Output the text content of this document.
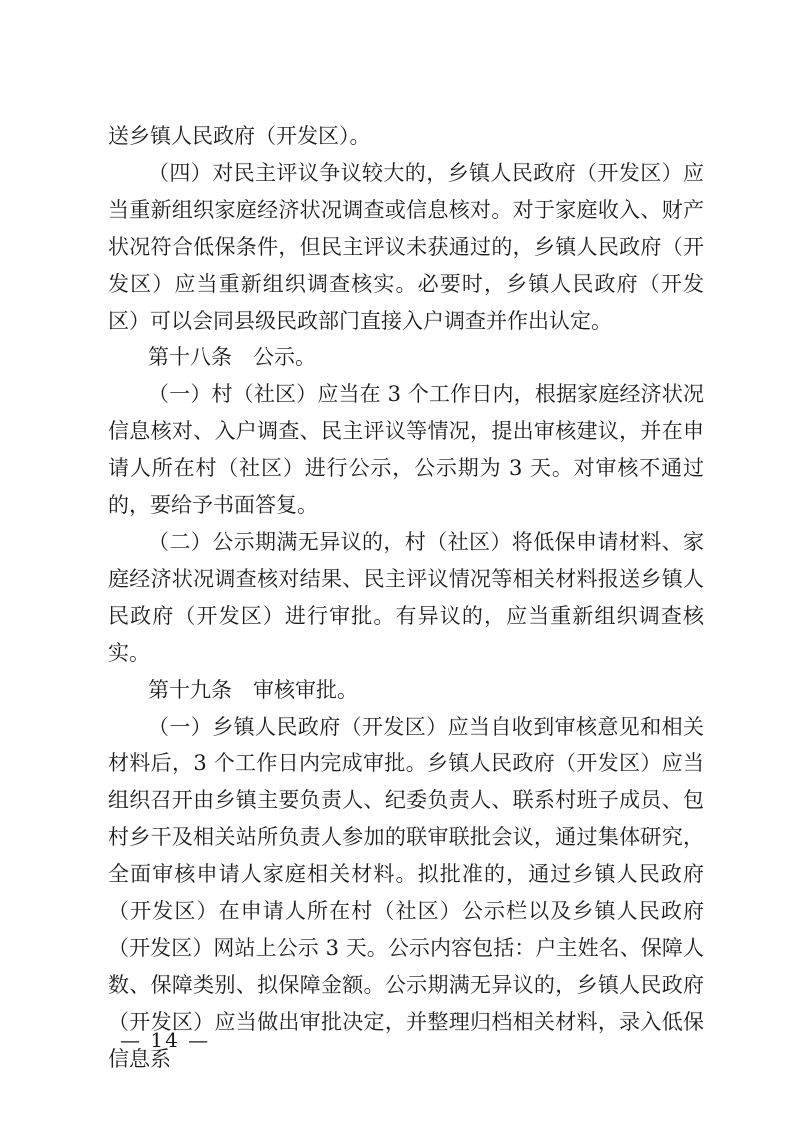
送乡镇人民政府（开发区）。

（四）对民主评议争议较大的，乡镇人民政府（开发区）应当重新组织家庭经济状况调查或信息核对。对于家庭收入、财产状况符合低保条件，但民主评议未获通过的，乡镇人民政府（开发区）应当重新组织调查核实。必要时，乡镇人民政府（开发区）可以会同县级民政部门直接入户调查并作出认定。

第十八条　公示。

（一）村（社区）应当在 3 个工作日内，根据家庭经济状况信息核对、入户调查、民主评议等情况，提出审核建议，并在申请人所在村（社区）进行公示，公示期为 3 天。对审核不通过的，要给予书面答复。

（二）公示期满无异议的，村（社区）将低保申请材料、家庭经济状况调查核对结果、民主评议情况等相关材料报送乡镇人民政府（开发区）进行审批。有异议的，应当重新组织调查核实。

第十九条　审核审批。

（一）乡镇人民政府（开发区）应当自收到审核意见和相关材料后，3 个工作日内完成审批。乡镇人民政府（开发区）应当组织召开由乡镇主要负责人、纪委负责人、联系村班子成员、包村乡干及相关站所负责人参加的联审联批会议，通过集体研究，全面审核申请人家庭相关材料。拟批准的，通过乡镇人民政府（开发区）在申请人所在村（社区）公示栏以及乡镇人民政府（开发区）网站上公示 3 天。公示内容包括：户主姓名、保障人数、保障类别、拟保障金额。公示期满无异议的，乡镇人民政府（开发区）应当做出审批决定，并整理归档相关材料，录入低保信息系

— 14 —
